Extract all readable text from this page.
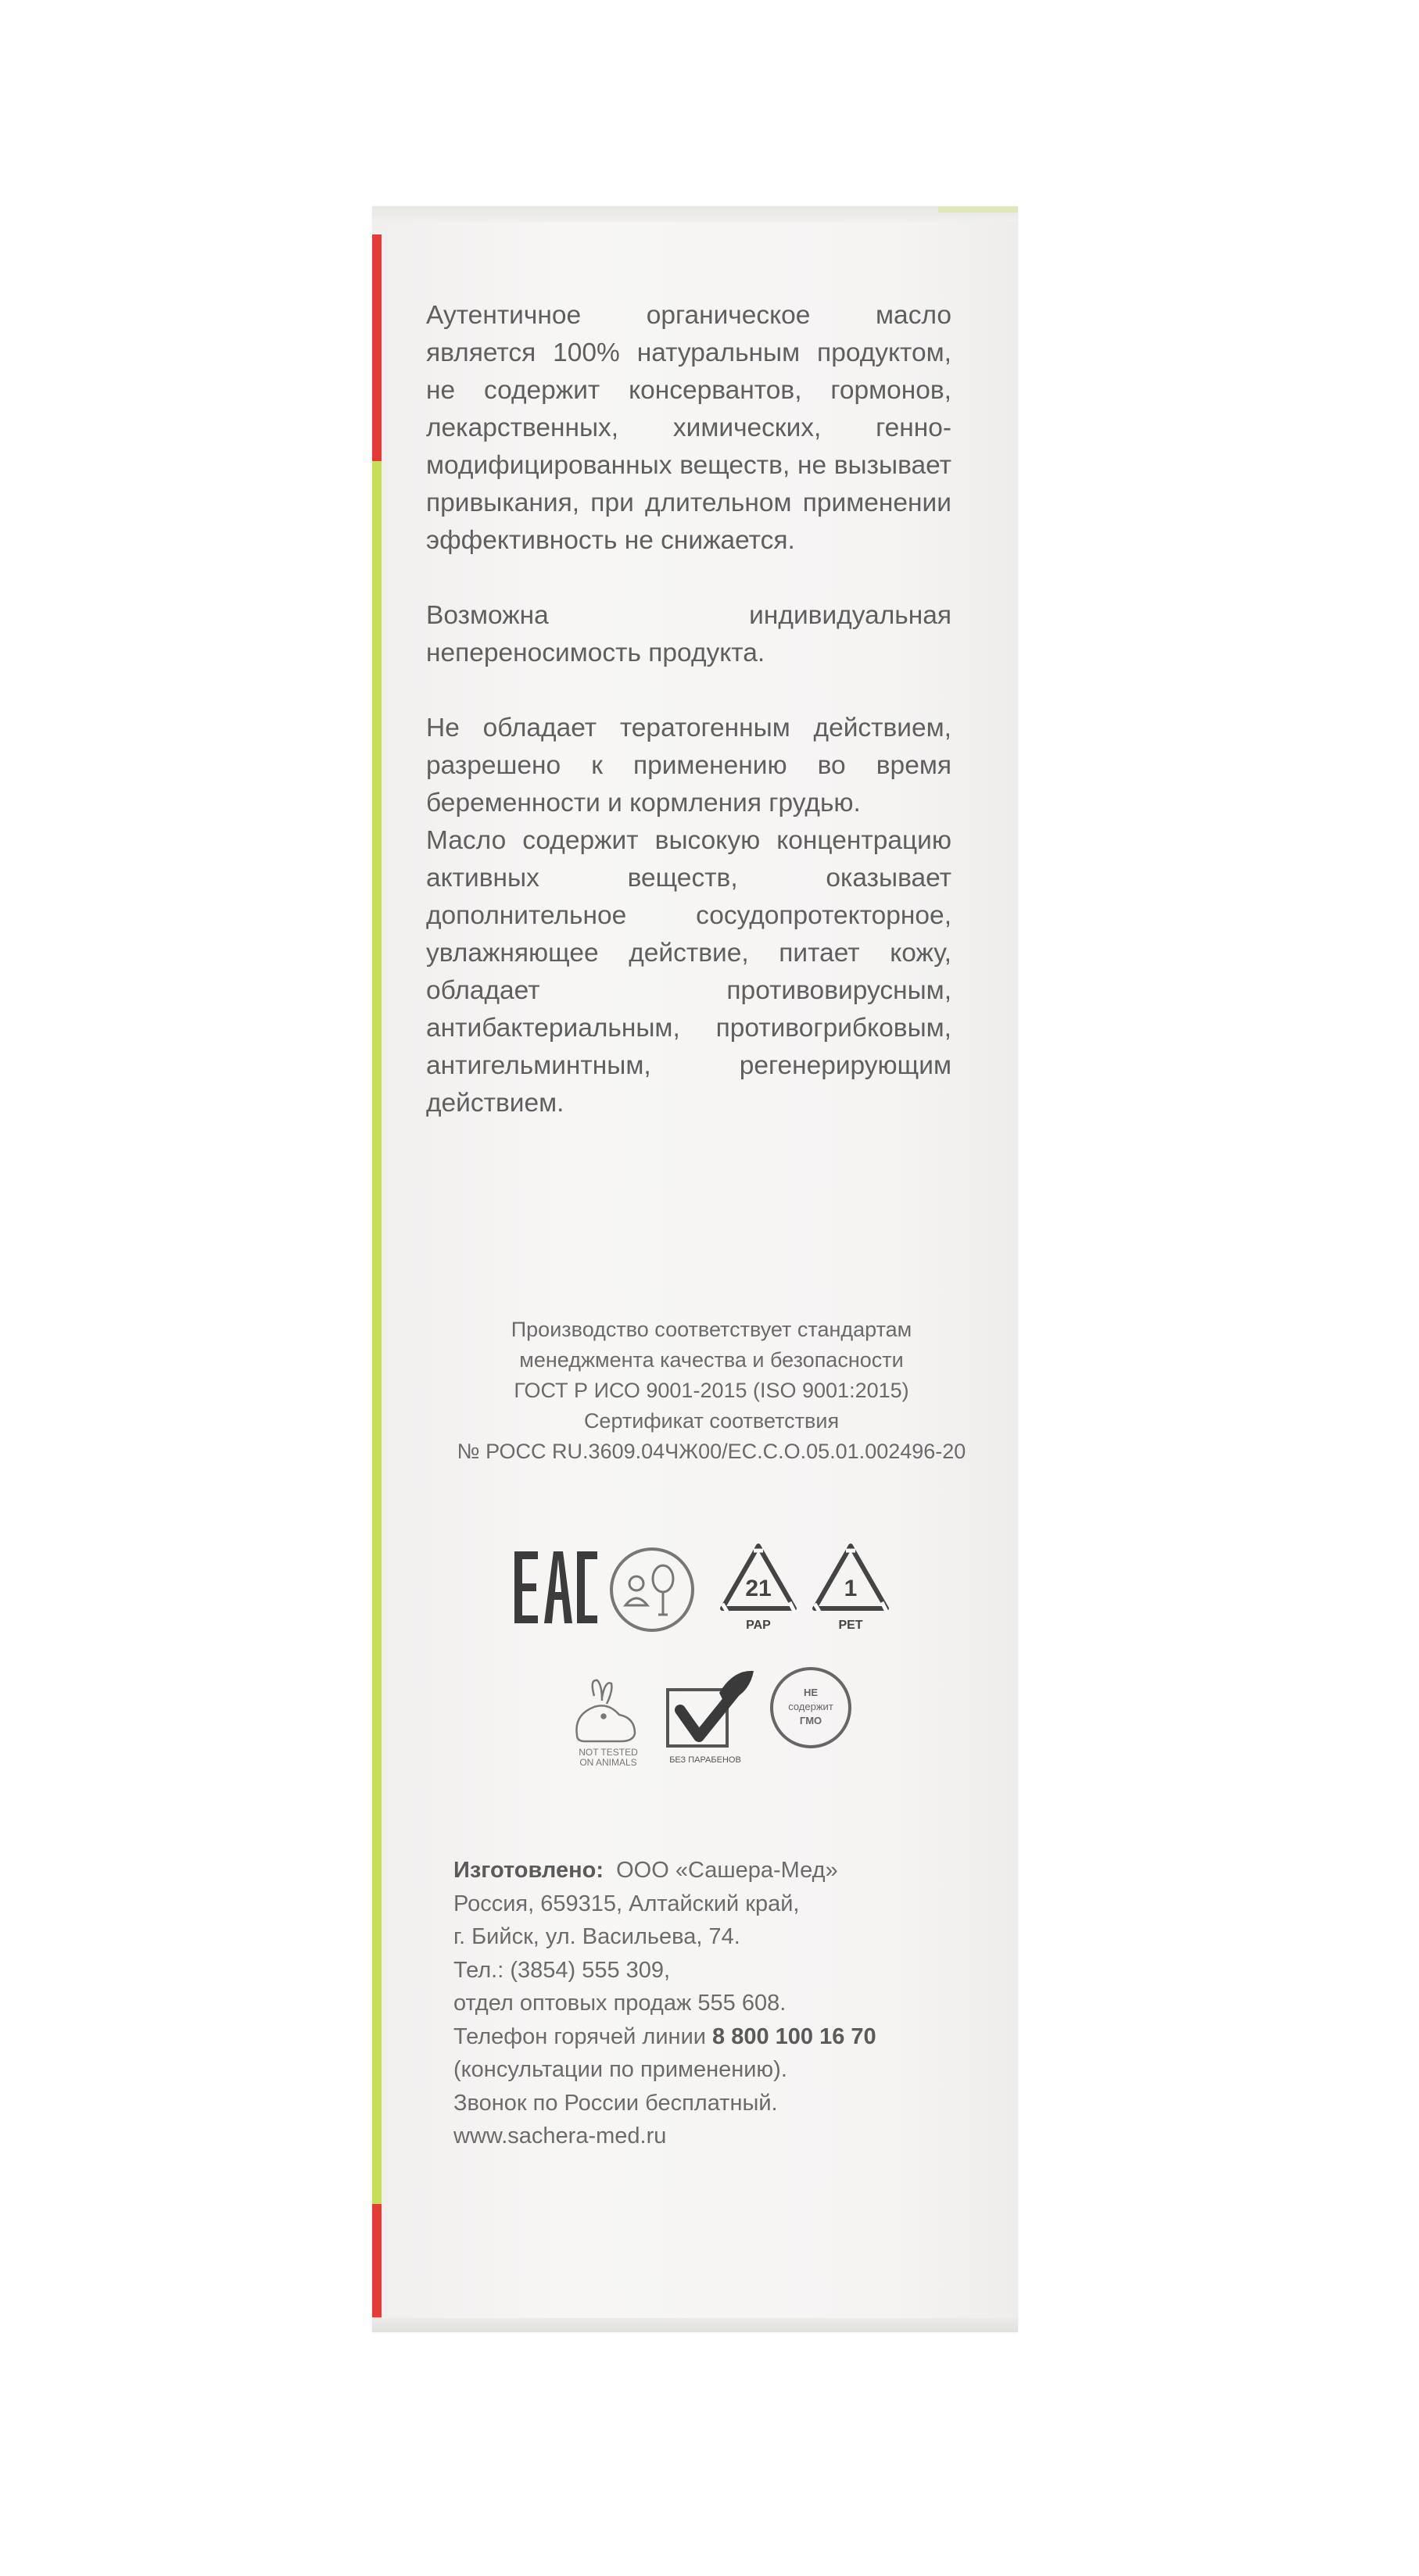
Аутентичное органическое масло является 100% натуральным продуктом, не содержит консервантов, гормонов, лекарственных, химических, генно-модифицированных веществ, не вызывает привыкания, при длительном применении эффективность не снижается.

Возможна индивидуальная непереносимость продукта.

Не обладает тератогенным действием, разрешено к применению во время беременности и кормления грудью.

Масло содержит высокую концентрацию активных веществ, оказывает дополнительное сосудопротекторное, увлажняющее действие, питает кожу, обладает противовирусным, антибактериальным, противогрибковым, антигельминтным, регенерирующим действием.

Производство соответствует стандартам
менеджмента качества и безопасности
ГОСТ Р ИСО 9001-2015 (ISO 9001:2015)
Сертификат соответствия
№ РОСС RU.3609.04ЧЖ00/ЕС.С.О.05.01.002496-20
21
PAP
1
PET
NOT TESTED
ON ANIMALS	БЕЗ ПАРАБЕНОВ
НЕ
содержит
ГМО
Изготовлено: ООО «Сашера-Мед»
Россия, 659315, Алтайский край,
г. Бийск, ул. Васильева, 74.
Тел.: (3854) 555 309,
отдел оптовых продаж 555 608.
Телефон горячей линии 8 800 100 16 70
(консультации по применению).
Звонок по России бесплатный.
www.sachera-med.ru
